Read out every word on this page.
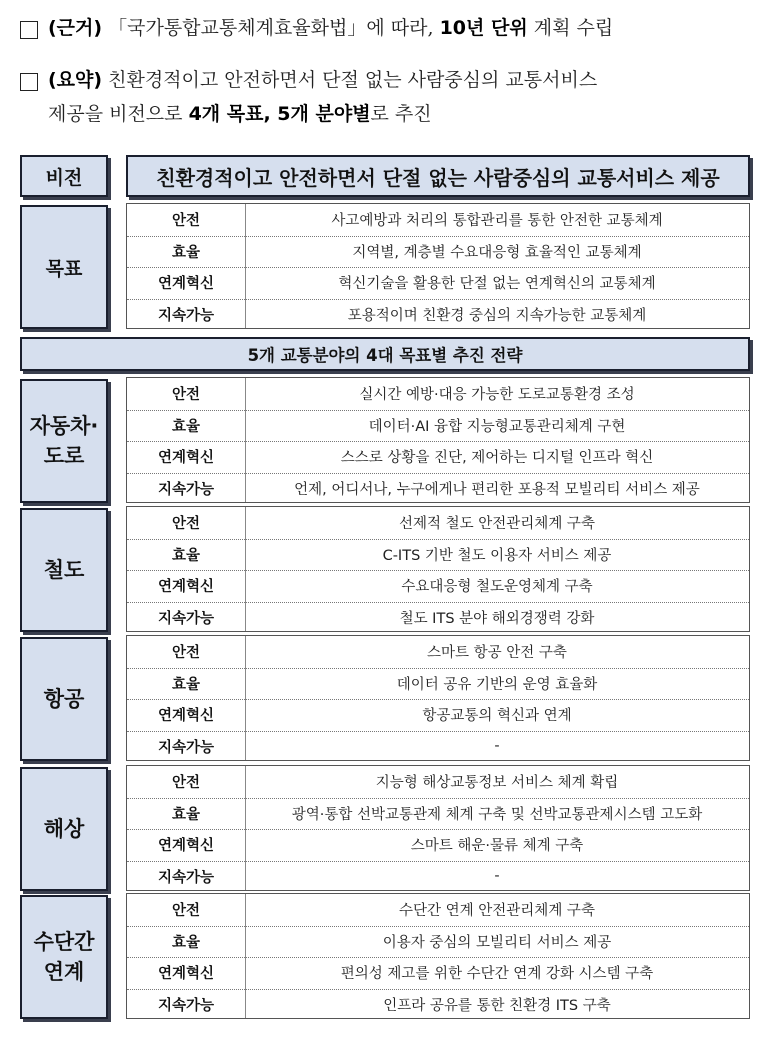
(근거) 「국가통합교통체계효율화법」에 따라, 10년 단위 계획 수립
(요약) 친환경적이고 안전하면서 단절 없는 사람중심의 교통서비스
제공을 비전으로 4개 목표, 5개 분야별로 추진
비전	친환경적이고 안전하면서 단절 없는 사람중심의 교통서비스 제공
목표
안전	사고예방과 처리의 통합관리를 통한 안전한 교통체계
효율	지역별, 계층별 수요대응형 효율적인 교통체계
연계혁신	혁신기술을 활용한 단절 없는 연계혁신의 교통체계
지속가능	포용적이며 친환경 중심의 지속가능한 교통체계
5개 교통분야의 4대 목표별 추진 전략
자동차·
도로
안전	실시간 예방·대응 가능한 도로교통환경 조성
효율	데이터·AI 융합 지능형교통관리체계 구현
연계혁신	스스로 상황을 진단, 제어하는 디지털 인프라 혁신
지속가능	언제, 어디서나, 누구에게나 편리한 포용적 모빌리티 서비스 제공
철도
안전	선제적 철도 안전관리체계 구축
효율	C-ITS 기반 철도 이용자 서비스 제공
연계혁신	수요대응형 철도운영체계 구축
지속가능	철도 ITS 분야 해외경쟁력 강화
항공
안전	스마트 항공 안전 구축
효율	데이터 공유 기반의 운영 효율화
연계혁신	항공교통의 혁신과 연계
지속가능	-
해상
안전	지능형 해상교통정보 서비스 체계 확립
효율	광역·통합 선박교통관제 체계 구축 및 선박교통관제시스템 고도화
연계혁신	스마트 해운·물류 체계 구축
지속가능	-
수단간
연계
안전	수단간 연계 안전관리체계 구축
효율	이용자 중심의 모빌리티 서비스 제공
연계혁신	편의성 제고를 위한 수단간 연계 강화 시스템 구축
지속가능	인프라 공유를 통한 친환경 ITS 구축
